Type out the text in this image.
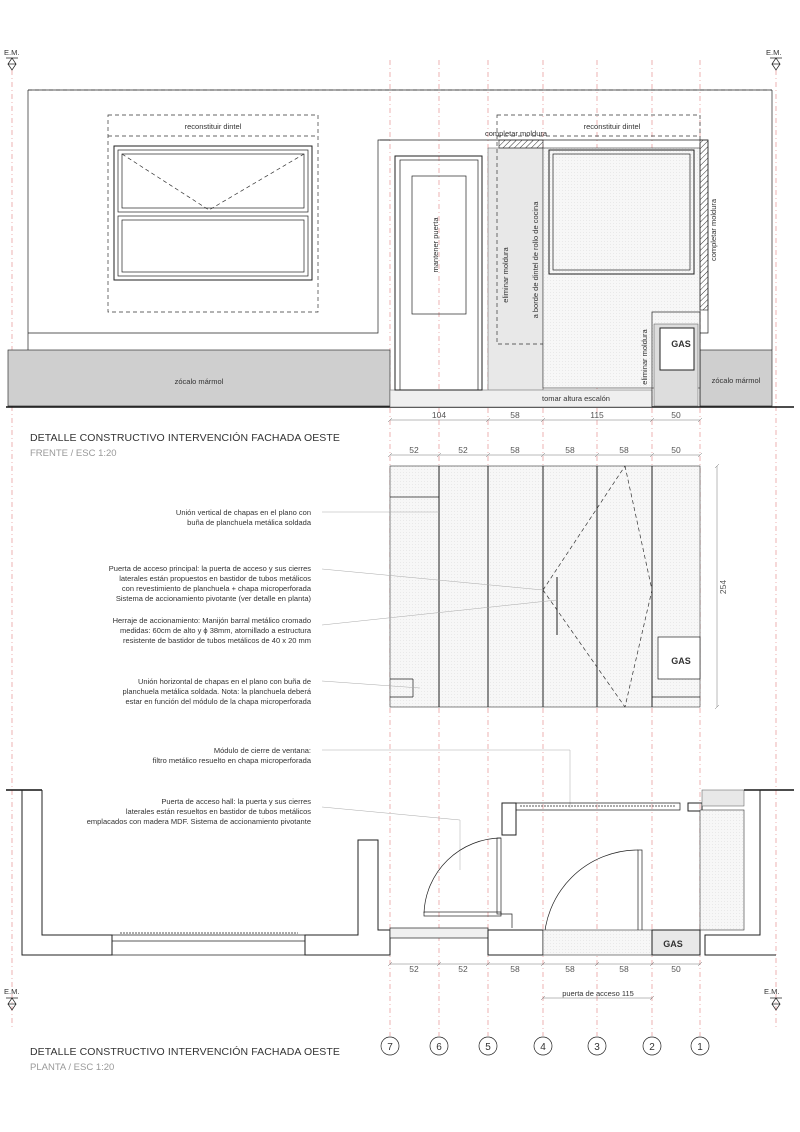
E.M.	E.M.
E.M.	E.M.
zócalo mármol	zócalo mármol
reconstituir dintel
completar moldura
mantener puerta
eliminar moldura	a borde de dintel de rollo de cocina
reconstituir dintel
completar moldura
GAS
eliminar moldura
tomar altura escalón
104	58	115	50
DETALLE CONSTRUCTIVO INTERVENCIÓN FACHADA OESTE
FRENTE / ESC 1:20	52	52	58	58	58	50
254
GAS
Unión vertical de chapas en el plano con
buña de planchuela metálica soldada
Puerta de acceso principal: la puerta de acceso y sus cierres
laterales están propuestos en bastidor de tubos metálicos
con revestimiento de planchuela + chapa microperforada
Sistema de accionamiento pivotante (ver detalle en planta)
Herraje de accionamiento: Manijón barral metálico cromado
medidas: 60cm de alto y ϕ 38mm, atornillado a estructura
resistente de bastidor de tubos metálicos de 40 x 20 mm
Unión horizontal de chapas en el plano con buña de
planchuela metálica soldada. Nota: la planchuela deberá
estar en función del módulo de la chapa microperforada
Módulo de cierre de ventana:
filtro metálico resuelto en chapa microperforada
Puerta de acceso hall: la puerta y sus cierres
laterales están resueltos en bastidor de tubos metálicos
emplacados con madera MDF. Sistema de accionamiento pivotante
GAS
52	52	58	58	58	50
puerta de acceso 115
7	6	5	4	3	2	1
DETALLE CONSTRUCTIVO INTERVENCIÓN FACHADA OESTE
PLANTA / ESC 1:20
